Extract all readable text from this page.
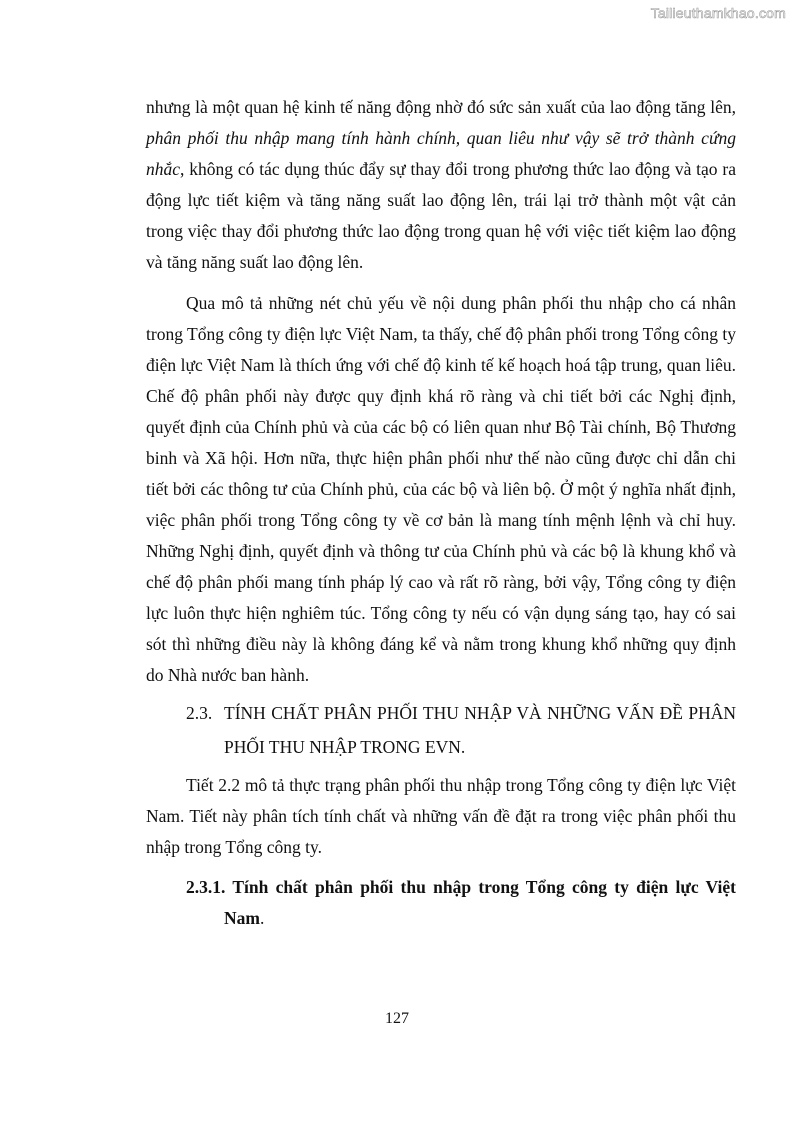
Tailieuthamkhao.com

nhưng là một quan hệ kinh tế năng động nhờ đó sức sản xuất của lao động tăng lên, phân phối thu nhập mang tính hành chính, quan liêu như vậy sẽ trở thành cứng nhắc, không có tác dụng thúc đẩy sự thay đổi trong phương thức lao động và tạo ra động lực tiết kiệm và tăng năng suất lao động lên, trái lại trở thành một vật cản trong việc thay đổi phương thức lao động trong quan hệ với việc tiết kiệm lao động và tăng năng suất lao động lên.

Qua mô tả những nét chủ yếu về nội dung phân phối thu nhập cho cá nhân trong Tổng công ty điện lực Việt Nam, ta thấy, chế độ phân phối trong Tổng công ty điện lực Việt Nam là thích ứng với chế độ kinh tế kế hoạch hoá tập trung, quan liêu. Chế độ phân phối này được quy định khá rõ ràng và chi tiết bởi các Nghị định, quyết định của Chính phủ và của các bộ có liên quan như Bộ Tài chính, Bộ Thương binh và Xã hội. Hơn nữa, thực hiện phân phối như thế nào cũng được chỉ dẫn chi tiết bởi các thông tư của Chính phủ, của các bộ và liên bộ. Ở một ý nghĩa nhất định, việc phân phối trong Tổng công ty về cơ bản là mang tính mệnh lệnh và chỉ huy. Những Nghị định, quyết định và thông tư của Chính phủ và các bộ là khung khổ và chế độ phân phối mang tính pháp lý cao và rất rõ ràng, bởi vậy, Tổng công ty điện lực luôn thực hiện nghiêm túc. Tổng công ty nếu có vận dụng sáng tạo, hay có sai sót thì những điều này là không đáng kể và nằm trong khung khổ những quy định do Nhà nước ban hành.

2.3. TÍNH CHẤT PHÂN PHỐI THU NHẬP VÀ NHỮNG VẤN ĐỀ PHÂN PHỐI THU NHẬP TRONG EVN.

Tiết 2.2 mô tả thực trạng phân phối thu nhập trong Tổng công ty điện lực Việt Nam. Tiết này phân tích tính chất và những vấn đề đặt ra trong việc phân phối thu nhập trong Tổng công ty.

2.3.1. Tính chất phân phối thu nhập trong Tổng công ty điện lực Việt Nam.

127
